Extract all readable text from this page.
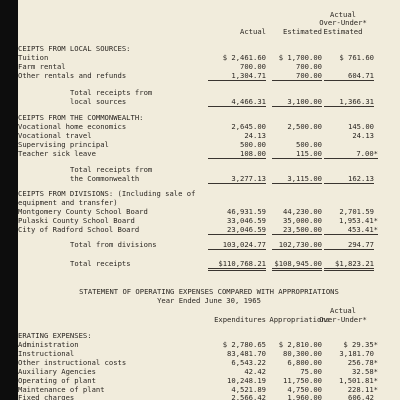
Actual Estimated
Actual
Over-Under*
Estimated
CEIPTS FROM LOCAL SOURCES:
Tuition	$ 2,461.60 $ 1,700.00 $ 761.60
Farm rental	700.00	700.00
Other rentals and refunds	1,304.71	700.00	604.71
Total receipts from
local sources	4,466.31	3,100.00	1,366.31
CEIPTS FROM THE COMMONWEALTH:
Vocational home economics	2,645.00	2,500.00	145.00
Vocational travel	24.13	24.13
Supervising principal	500.00	500.00
Teacher sick leave	108.00	115.00	7.00*
Total receipts from
the Commonwealth	3,277.13	3,115.00	162.13
CEIPTS FROM DIVISIONS: (Including sale of
equipment and transfer)
Montgomery County School Board	46,931.59 44,230.00 2,701.59
Pulaski County School Board	33,046.59 35,000.00 1,953.41*
City of Radford School Board	23,046.59	23,500.00	453.41*
Total from divisions	103,024.77	102,730.00	294.77
Total receipts	$110,768.21	$108,945.00	$1,823.21
STATEMENT OF OPERATING EXPENSES COMPARED WITH APPROPRIATIONS
Year Ended June 30, 1965
Actual
Expenditures Appropriations
Over-Under*
ERATING EXPENSES:
Administration	$ 2,780.65 $ 2,810.00	$ 29.35*
Instructional	83,481.70 80,300.00 3,181.70
Other instructional costs	6,543.22	6,800.00	256.78*
Auxiliary Agencies	42.42	75.00	32.58*
Operating of plant	10,248.19 11,750.00 1,501.81*
Maintenance of plant	4,521.89	4,750.00	228.11*
Fixed charges	2,566.42	1,960.00	606.42
